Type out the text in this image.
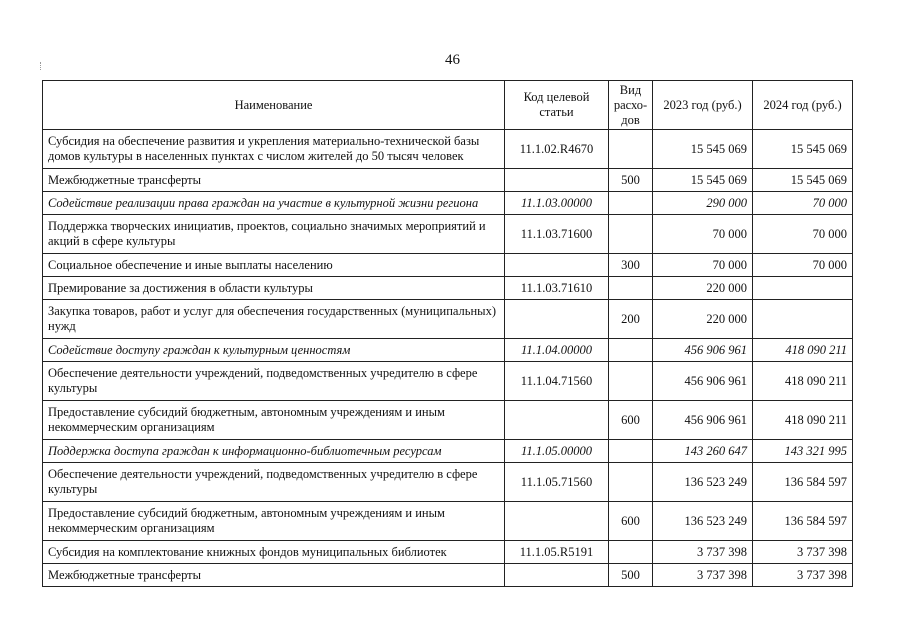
46
Наименование	Код целевой статьи	Вид расхо-дов	2023 год (руб.)	2024 год (руб.)
Субсидия на обеспечение развития и укрепления материально-технической базы домов культуры в населенных пунктах с числом жителей до 50 тысяч человек	11.1.02.R4670		15 545 069	15 545 069
Межбюджетные трансферты		500	15 545 069	15 545 069
Содействие реализации права граждан на участие в культурной жизни региона	11.1.03.00000		290 000	70 000
Поддержка творческих инициатив, проектов, социально значимых мероприятий и акций в сфере культуры	11.1.03.71600		70 000	70 000
Социальное обеспечение и иные выплаты населению		300	70 000	70 000
Премирование за достижения в области культуры	11.1.03.71610		220 000	
Закупка товаров, работ и услуг для обеспечения государственных (муниципальных) нужд		200	220 000	
Содействие доступу граждан к культурным ценностям	11.1.04.00000		456 906 961	418 090 211
Обеспечение деятельности учреждений, подведомственных учредителю в сфере культуры	11.1.04.71560		456 906 961	418 090 211
Предоставление субсидий бюджетным, автономным учреждениям и иным некоммерческим организациям		600	456 906 961	418 090 211
Поддержка доступа граждан к информационно-библиотечным ресурсам	11.1.05.00000		143 260 647	143 321 995
Обеспечение деятельности учреждений, подведомственных учредителю в сфере культуры	11.1.05.71560		136 523 249	136 584 597
Предоставление субсидий бюджетным, автономным учреждениям и иным некоммерческим организациям		600	136 523 249	136 584 597
Субсидия на комплектование книжных фондов муниципальных библиотек	11.1.05.R5191		3 737 398	3 737 398
Межбюджетные трансферты		500	3 737 398	3 737 398
